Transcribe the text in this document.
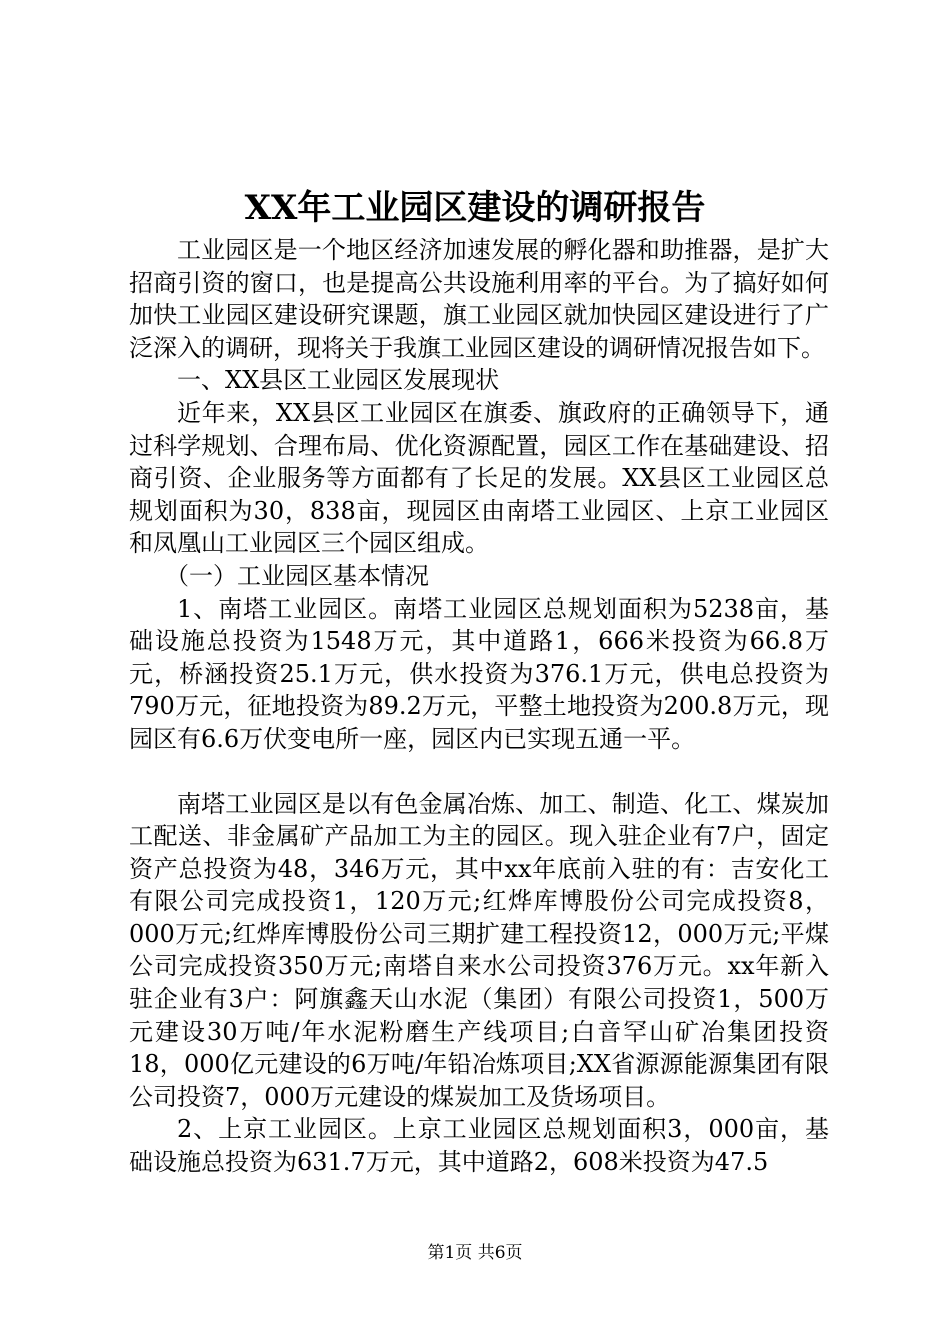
XX年工业园区建设的调研报告

工业园区是一个地区经济加速发展的孵化器和助推器，是扩大招商引资的窗口，也是提高公共设施利用率的平台。为了搞好如何加快工业园区建设研究课题，旗工业园区就加快园区建设进行了广泛深入的调研，现将关于我旗工业园区建设的调研情况报告如下。

一、XX县区工业园区发展现状

近年来，XX县区工业园区在旗委、旗政府的正确领导下，通过科学规划、合理布局、优化资源配置，园区工作在基础建设、招商引资、企业服务等方面都有了长足的发展。XX县区工业园区总规划面积为30，838亩，现园区由南塔工业园区、上京工业园区和凤凰山工业园区三个园区组成。

（一）工业园区基本情况

1、南塔工业园区。南塔工业园区总规划面积为5238亩，基础设施总投资为1548万元，其中道路1，666米投资为66.8万元，桥涵投资25.1万元，供水投资为376.1万元，供电总投资为790万元，征地投资为89.2万元，平整土地投资为200.8万元，现园区有6.6万伏变电所一座，园区内已实现五通一平。

南塔工业园区是以有色金属冶炼、加工、制造、化工、煤炭加工配送、非金属矿产品加工为主的园区。现入驻企业有7户，固定资产总投资为48，346万元，其中xx年底前入驻的有：吉安化工有限公司完成投资1，120万元;红烨库博股份公司完成投资8，000万元;红烨库博股份公司三期扩建工程投资12，000万元;平煤公司完成投资350万元;南塔自来水公司投资376万元。xx年新入驻企业有3户：阿旗鑫天山水泥（集团）有限公司投资1，500万元建设30万吨/年水泥粉磨生产线项目;白音罕山矿冶集团投资18，000亿元建设的6万吨/年铅冶炼项目;XX省源源能源集团有限公司投资7，000万元建设的煤炭加工及货场项目。

2、上京工业园区。上京工业园区总规划面积3，000亩，基础设施总投资为631.7万元，其中道路2，608米投资为47.5

第1页 共6页
